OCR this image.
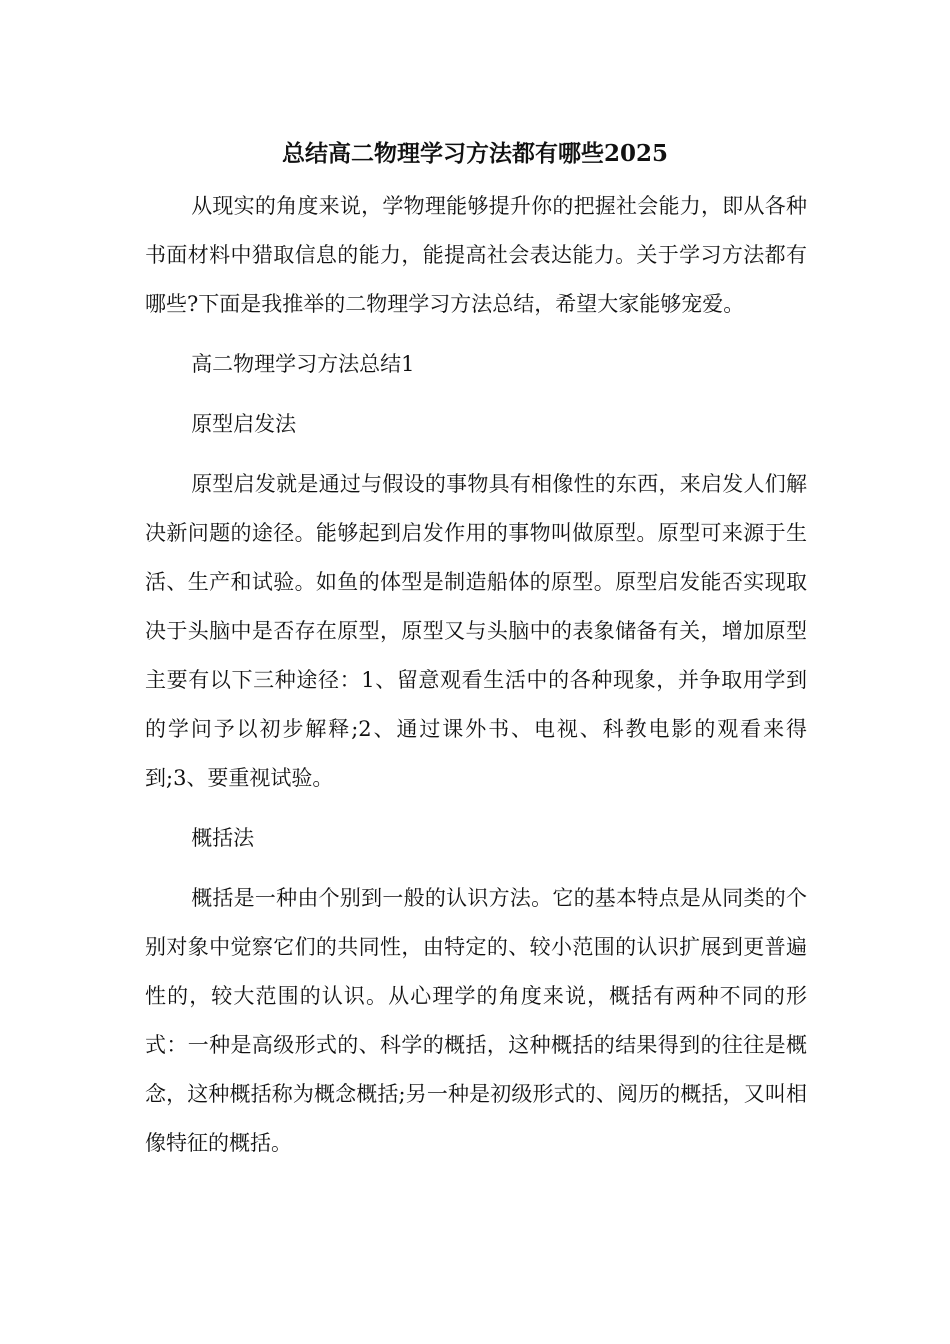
总结高二物理学习方法都有哪些2025

从现实的角度来说，学物理能够提升你的把握社会能力，即从各种书面材料中猎取信息的能力，能提高社会表达能力。关于学习方法都有哪些?下面是我推举的二物理学习方法总结，希望大家能够宠爱。

高二物理学习方法总结1

原型启发法

原型启发就是通过与假设的事物具有相像性的东西，来启发人们解决新问题的途径。能够起到启发作用的事物叫做原型。原型可来源于生活、生产和试验。如鱼的体型是制造船体的原型。原型启发能否实现取决于头脑中是否存在原型，原型又与头脑中的表象储备有关，增加原型主要有以下三种途径：1、留意观看生活中的各种现象，并争取用学到的学问予以初步解释;2、通过课外书、电视、科教电影的观看来得到;3、要重视试验。

概括法

概括是一种由个别到一般的认识方法。它的基本特点是从同类的个别对象中觉察它们的共同性，由特定的、较小范围的认识扩展到更普遍性的，较大范围的认识。从心理学的角度来说，概括有两种不同的形式：一种是高级形式的、科学的概括，这种概括的结果得到的往往是概念，这种概括称为概念概括;另一种是初级形式的、阅历的概括，又叫相像特征的概括。
